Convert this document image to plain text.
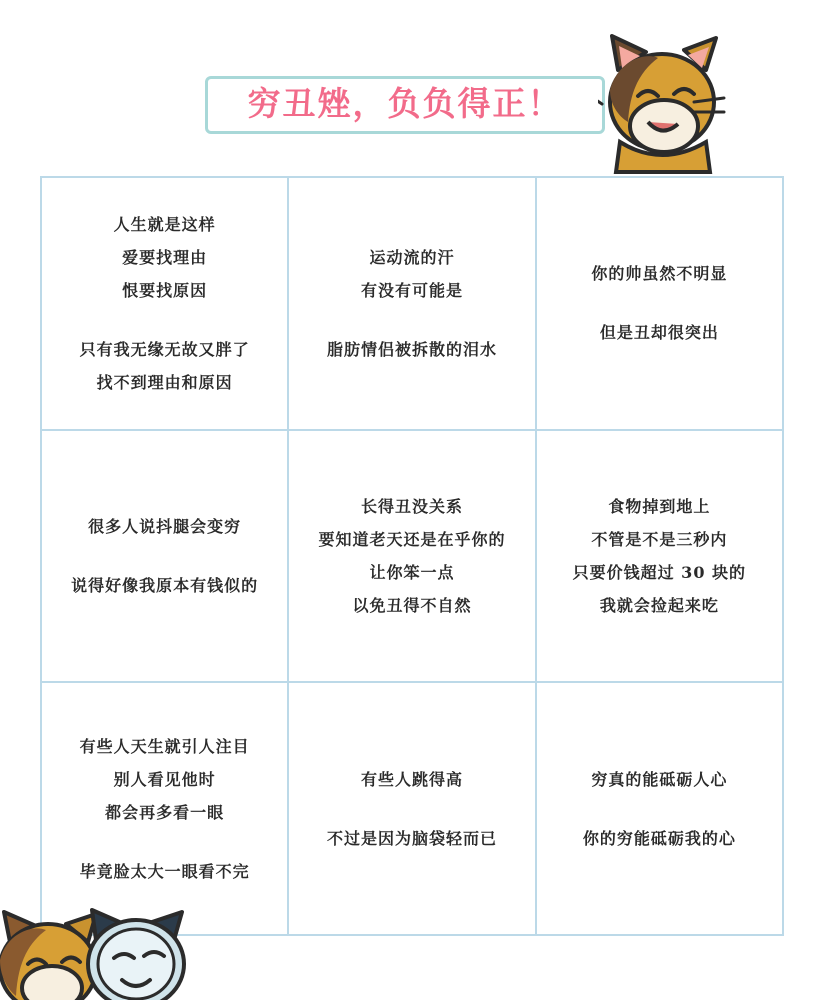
穷丑矬，负负得正！
人生就是这样
爱要找理由
恨要找原因
只有我无缘无故又胖了
找不到理由和原因
运动流的汗
有没有可能是
脂肪情侣被拆散的泪水
你的帅虽然不明显
但是丑却很突出
很多人说抖腿会变穷
说得好像我原本有钱似的
长得丑没关系
要知道老天还是在乎你的
让你笨一点
以免丑得不自然
食物掉到地上
不管是不是三秒内
只要价钱超过 30 块的
我就会捡起来吃
有些人天生就引人注目
别人看见他时
都会再多看一眼
毕竟脸太大一眼看不完
有些人跳得高
不过是因为脑袋轻而已
穷真的能砥砺人心
你的穷能砥砺我的心
